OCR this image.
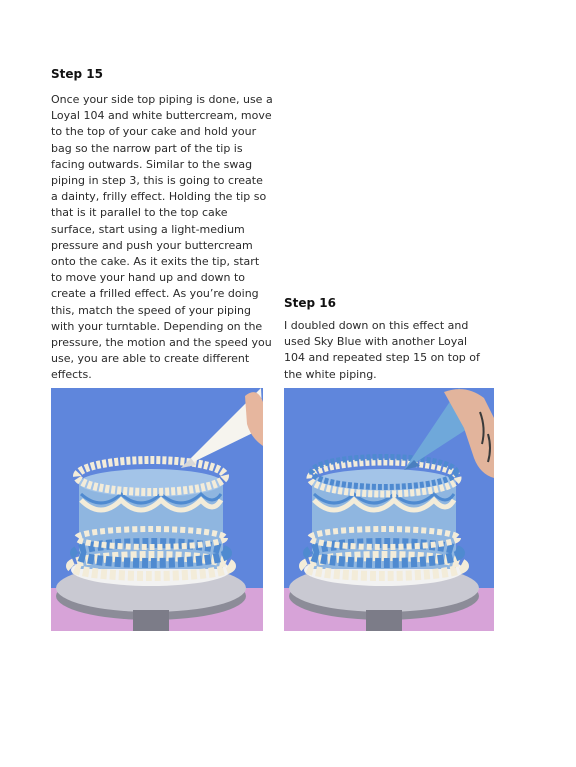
Step 15

Once your side top piping is done, use a Loyal 104 and white buttercream, move to the top of your cake and hold your bag so the narrow part of the tip is facing outwards. Similar to the swag piping in step 3, this is going to create a dainty, frilly effect. Holding the tip so that is it parallel to the top cake surface, start using a light-medium pressure and push your buttercream onto the cake. As it exits the tip, start to move your hand up and down to create a frilled effect. As you’re doing this, match the speed of your piping with your turntable. Depending on the pressure, the motion and the speed you use, you are able to create different effects.

Step 16

I doubled down on this effect and used Sky Blue with another Loyal 104 and repeated step 15 on top of the white piping.
